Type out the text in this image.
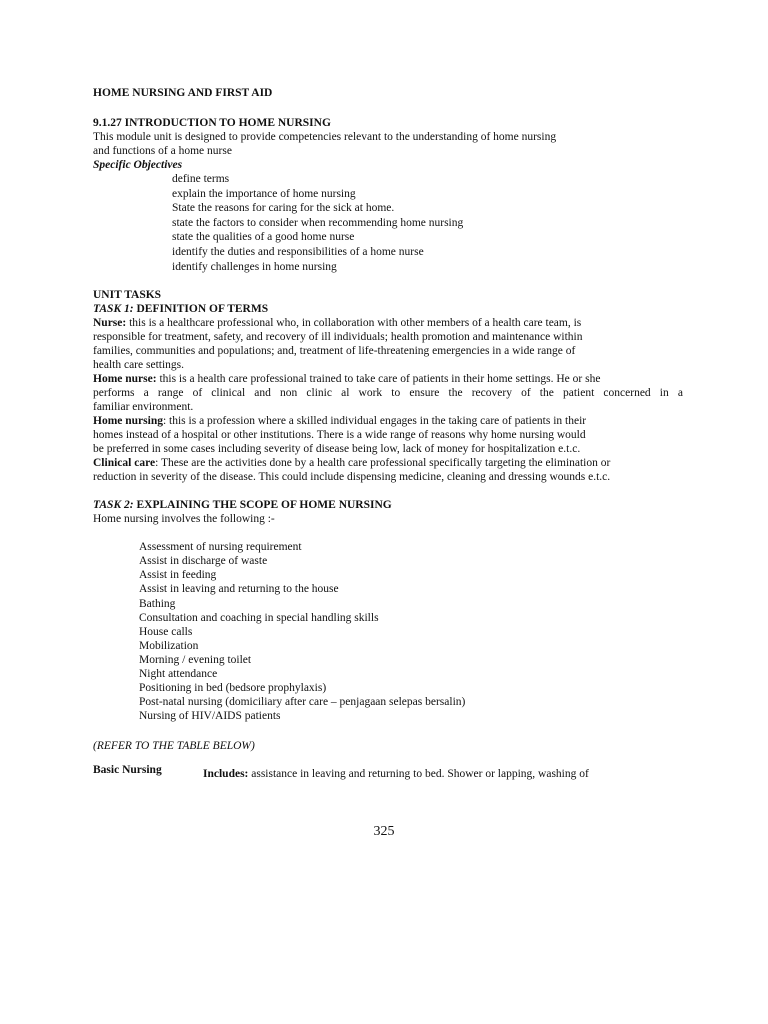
HOME NURSING AND FIRST AID

9.1.27 INTRODUCTION TO HOME NURSING

This module unit is designed to provide competencies relevant to the understanding of home nursing

and functions of a home nurse

Specific Objectives

define terms
explain the importance of home nursing
State the reasons for caring for the sick at home.
state the factors to consider when recommending home nursing
state the qualities of a good home nurse
identify the duties and responsibilities of a home nurse
identify challenges in home nursing

UNIT TASKS

TASK 1: DEFINITION OF TERMS

Nurse: this is a healthcare professional who, in collaboration with other members of a health care team, is

responsible for treatment, safety, and recovery of ill individuals; health promotion and maintenance within

families, communities and populations; and, treatment of life-threatening emergencies in a wide range of

health care settings.

Home nurse: this is a health care professional trained to take care of patients in their home settings. He or she

performs a range of clinical and non clinic al work to ensure the recovery of the patient concerned in a

familiar environment.

Home nursing: this is a profession where a skilled individual engages in the taking care of patients in their

homes instead of a hospital or other institutions. There is a wide range of reasons why home nursing would

be preferred in some cases including severity of disease being low, lack of money for hospitalization e.t.c.

Clinical care: These are the activities done by a health care professional specifically targeting the elimination or

reduction in severity of the disease. This could include dispensing medicine, cleaning and dressing wounds e.t.c.

TASK 2: EXPLAINING THE SCOPE OF HOME NURSING

Home nursing involves the following :-

Assessment of nursing requirement
Assist in discharge of waste
Assist in feeding
Assist in leaving and returning to the house
Bathing
Consultation and coaching in special handling skills
House calls
Mobilization
Morning / evening toilet
Night attendance
Positioning in bed (bedsore prophylaxis)
Post-natal nursing (domiciliary after care – penjagaan selepas bersalin)
Nursing of HIV/AIDS patients

(REFER TO THE TABLE BELOW)

Basic Nursing	Includes: assistance in leaving and returning to bed. Shower or lapping, washing of
325
